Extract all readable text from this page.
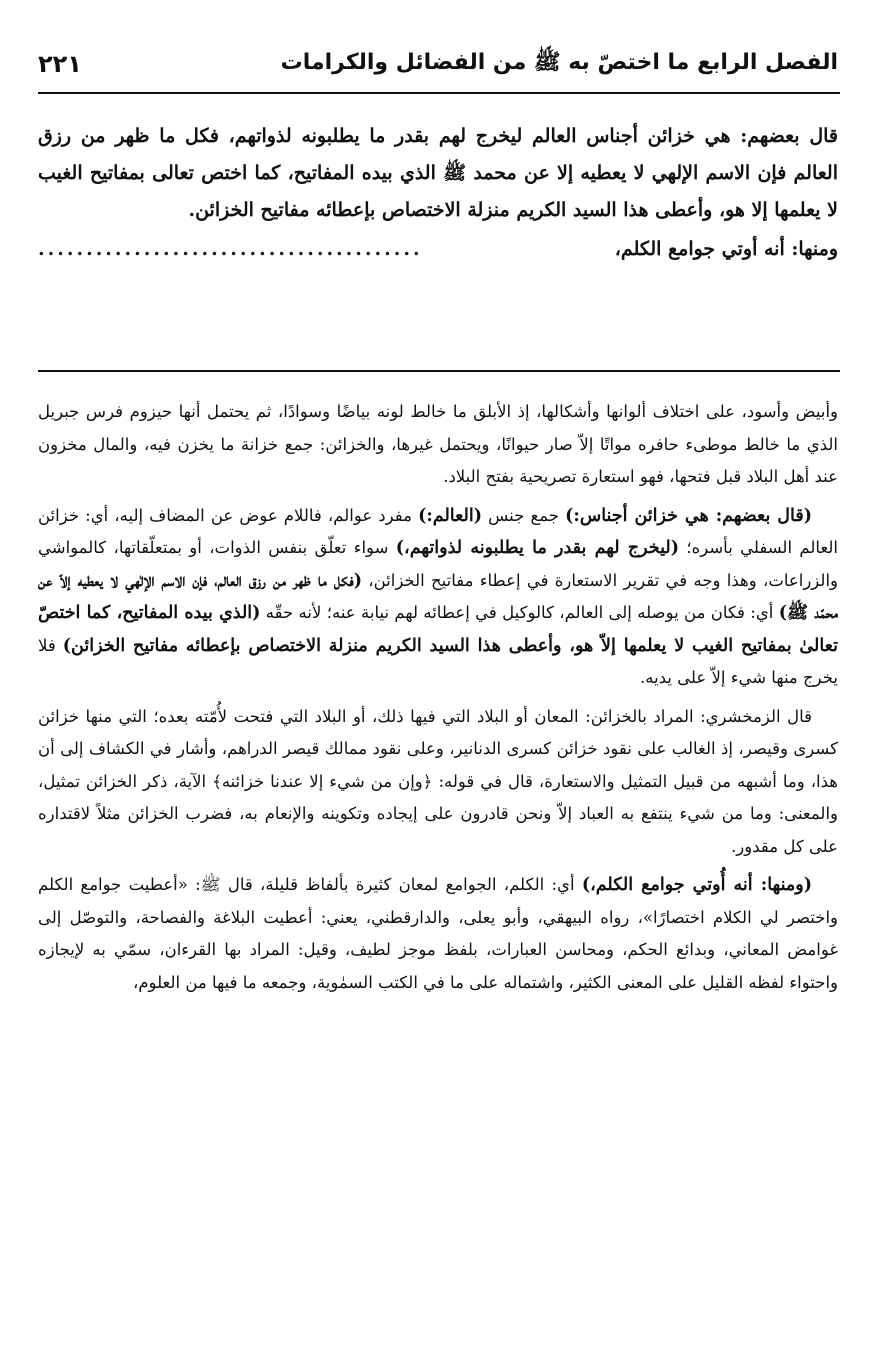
الفصل الرابع ما اختصّ به ﷺ من الفضائل والكرامات
٢٢١

قال بعضهم: هي خزائن أجناس العالم ليخرج لهم بقدر ما يطلبونه لذواتهم، فكل ما ظهر من رزق العالم فإن الاسم الإلهي لا يعطيه إلا عن محمد ﷺ الذي بيده المفاتيح، كما اختص تعالى بمفاتيح الغيب لا يعلمها إلا هو، وأعطى هذا السيد الكريم منزلة الاختصاص بإعطائه مفاتيح الخزائن.

ومنها: أنه أوتي جوامع الكلم،
........................................

وأبيض وأسود، على اختلاف ألوانها وأشكالها، إذ الأبلق ما خالط لونه بياضًا وسوادًا، ثم يحتمل أنها حيزوم فرس جبريل الذي ما خالط موطىء حافره مواتًا إلاّ صار حيوانًا، ويحتمل غيرها، والخزائن: جمع خزانة ما يخزن فيه، والمال مخزون عند أهل البلاد قبل فتحها، فهو استعارة تصريحية بفتح البلاد.

(قال بعضهم: هي خزائن أجناس:) جمع جنس (العالم:) مفرد عوالم، فاللام عوض عن المضاف إليه، أي: خزائن العالم السفلي بأسره؛ (ليخرج لهم بقدر ما يطلبونه لذواتهم،) سواء تعلّق بنفس الذوات، أو بمتعلّقاتها، كالمواشي والزراعات، وهذا وجه في تقرير الاستعارة في إعطاء مفاتيح الخزائن، (فكل ما ظهر من رزق العالم، فإن الاسم الإلٰهي لا يعطيه إلاّ عن محمّد ﷺ) أي: فكان من يوصله إلى العالم، كالوكيل في إعطائه لهم نيابة عنه؛ لأنه حقّه (الذي بيده المفاتيح، كما اختصّ تعالىٰ بمفاتيح الغيب لا يعلمها إلاّ هو، وأعطى هذا السيد الكريم منزلة الاختصاص بإعطائه مفاتيح الخزائن) فلا يخرج منها شيء إلاّ على يديه.

قال الزمخشري: المراد بالخزائن: المعان أو البلاد التي فيها ذلك، أو البلاد التي فتحت لأُمّته بعده؛ التي منها خزائن كسرى وقيصر، إذ الغالب على نقود خزائن كسرى الدنانير، وعلى نقود ممالك قيصر الدراهم، وأشار في الكشاف إلى أن هذا، وما أشبهه من قبيل التمثيل والاستعارة، قال في قوله: ﴿وإن من شيء إلا عندنا خزائنه﴾ الآية، ذكر الخزائن تمثيل، والمعنى: وما من شيء ينتفع به العباد إلاّ ونحن قادرون على إيجاده وتكوينه والإنعام به، فضرب الخزائن مثلاً لاقتداره على كل مقدور.

(ومنها: أنه أُوتي جوامع الكلم،) أي: الكلم، الجوامع لمعان كثيرة بألفاظ قليلة، قال ﷺ: «أعطيت جوامع الكلم واختصر لي الكلام اختصارًا»، رواه البيهقي، وأبو يعلى، والدارقطني، يعني: أعطيت البلاغة والفصاحة، والتوصّل إلى غوامض المعاني، وبدائع الحكم، ومحاسن العبارات، بلفظ موجز لطيف، وقيل: المراد بها القرءان، سمّي به لإيجازه واحتواء لفظه القليل على المعنى الكثير، واشتماله على ما في الكتب السمٰوية، وجمعه ما فيها من العلوم،
